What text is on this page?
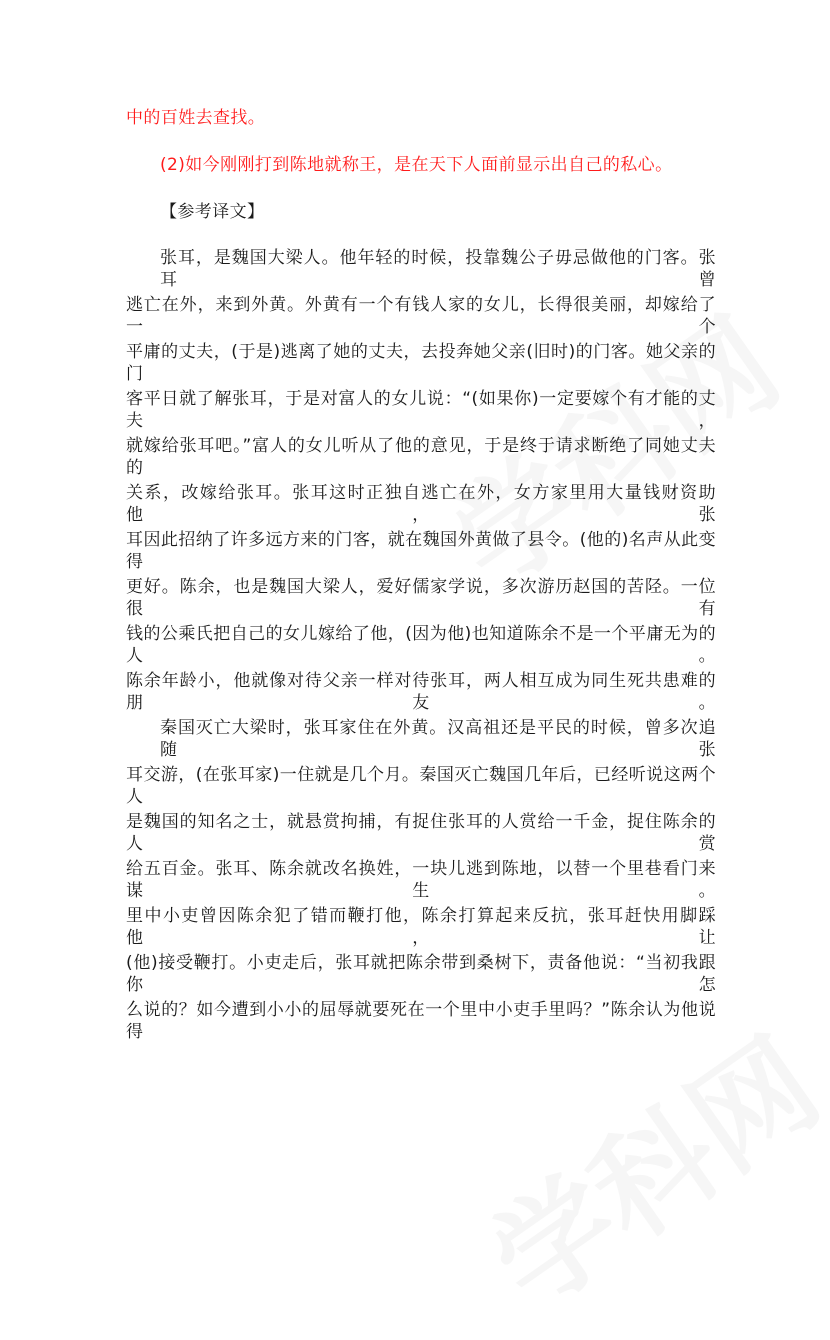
中的百姓去查找。
(2)如今刚刚打到陈地就称王，是在天下人面前显示出自己的私心。
【参考译文】
张耳，是魏国大梁人。他年轻的时候，投靠魏公子毋忌做他的门客。张耳曾
逃亡在外，来到外黄。外黄有一个有钱人家的女儿，长得很美丽，却嫁给了一个
平庸的丈夫，(于是)逃离了她的丈夫，去投奔她父亲(旧时)的门客。她父亲的门
客平日就了解张耳，于是对富人的女儿说：“(如果你)一定要嫁个有才能的丈夫，
就嫁给张耳吧。”富人的女儿听从了他的意见，于是终于请求断绝了同她丈夫的
关系，改嫁给张耳。张耳这时正独自逃亡在外，女方家里用大量钱财资助他，张
耳因此招纳了许多远方来的门客，就在魏国外黄做了县令。(他的)名声从此变得
更好。陈余，也是魏国大梁人，爱好儒家学说，多次游历赵国的苦陉。一位很有
钱的公乘氏把自己的女儿嫁给了他，(因为他)也知道陈余不是一个平庸无为的人。
陈余年龄小，他就像对待父亲一样对待张耳，两人相互成为同生死共患难的朋友。
秦国灭亡大梁时，张耳家住在外黄。汉高祖还是平民的时候，曾多次追随张
耳交游，(在张耳家)一住就是几个月。秦国灭亡魏国几年后，已经听说这两个人
是魏国的知名之士，就悬赏拘捕，有捉住张耳的人赏给一千金，捉住陈余的人赏
给五百金。张耳、陈余就改名换姓，一块儿逃到陈地，以替一个里巷看门来谋生。
里中小吏曾因陈余犯了错而鞭打他，陈余打算起来反抗，张耳赶快用脚踩他，让
(他)接受鞭打。小吏走后，张耳就把陈余带到桑树下，责备他说：“当初我跟你怎
么说的？如今遭到小小的屈辱就要死在一个里中小吏手里吗？”陈余认为他说得
